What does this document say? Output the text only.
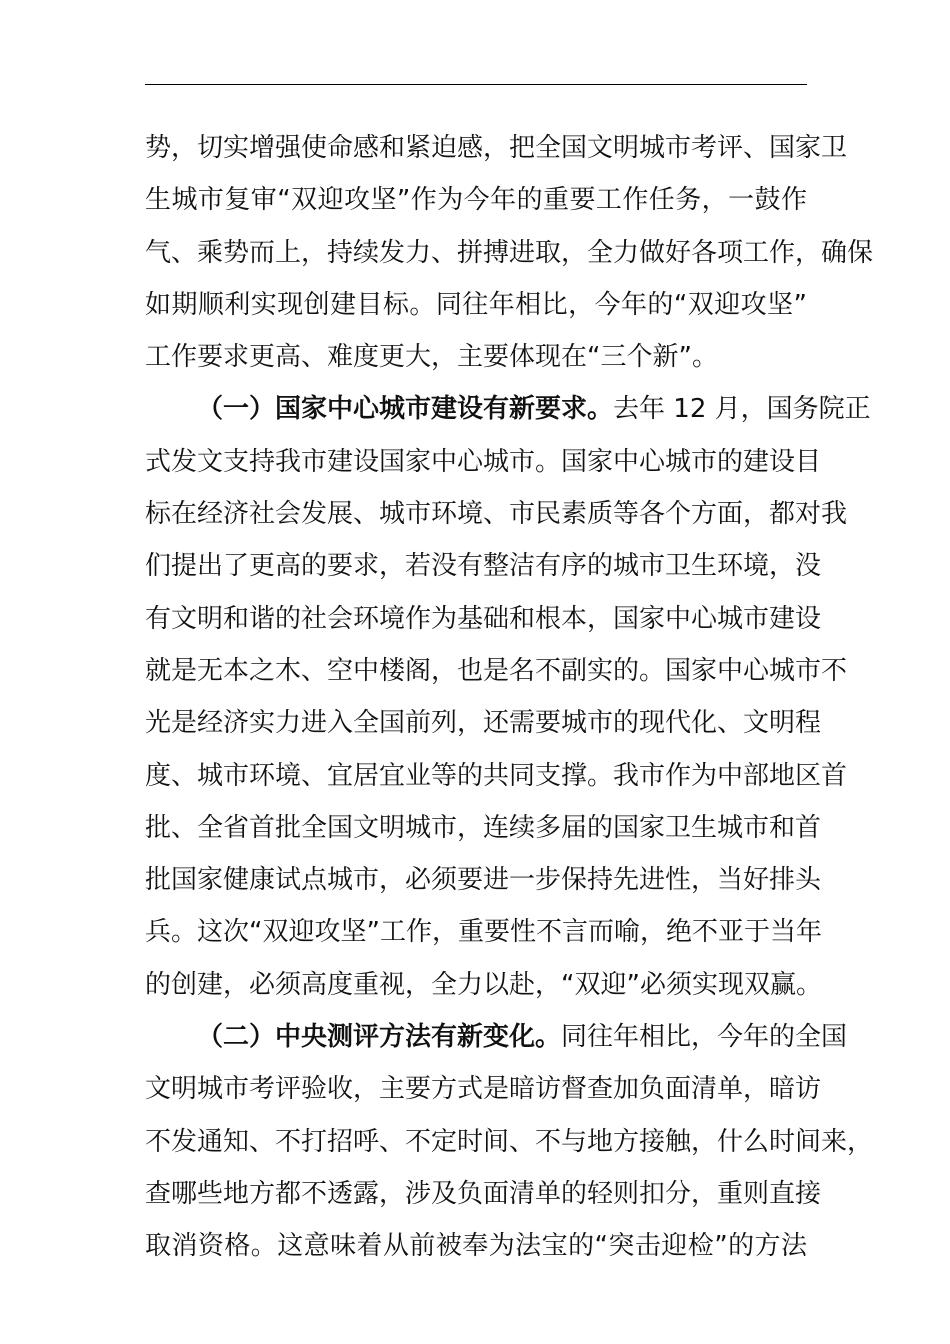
势，切实增强使命感和紧迫感，把全国文明城市考评、国家卫
生城市复审“双迎攻坚”作为今年的重要工作任务，一鼓作
气、乘势而上，持续发力、拼搏进取，全力做好各项工作，确保
如期顺利实现创建目标。同往年相比，今年的“双迎攻坚”
工作要求更高、难度更大，主要体现在“三个新”。
（一）国家中心城市建设有新要求。去年 12 月，国务院正
式发文支持我市建设国家中心城市。国家中心城市的建设目
标在经济社会发展、城市环境、市民素质等各个方面，都对我
们提出了更高的要求，若没有整洁有序的城市卫生环境，没
有文明和谐的社会环境作为基础和根本，国家中心城市建设
就是无本之木、空中楼阁，也是名不副实的。国家中心城市不
光是经济实力进入全国前列，还需要城市的现代化、文明程
度、城市环境、宜居宜业等的共同支撑。我市作为中部地区首
批、全省首批全国文明城市，连续多届的国家卫生城市和首
批国家健康试点城市，必须要进一步保持先进性，当好排头
兵。这次“双迎攻坚”工作，重要性不言而喻，绝不亚于当年
的创建，必须高度重视，全力以赴，“双迎”必须实现双赢。
（二）中央测评方法有新变化。同往年相比，今年的全国
文明城市考评验收，主要方式是暗访督查加负面清单，暗访
不发通知、不打招呼、不定时间、不与地方接触，什么时间来，
查哪些地方都不透露，涉及负面清单的轻则扣分，重则直接
取消资格。这意味着从前被奉为法宝的“突击迎检”的方法
